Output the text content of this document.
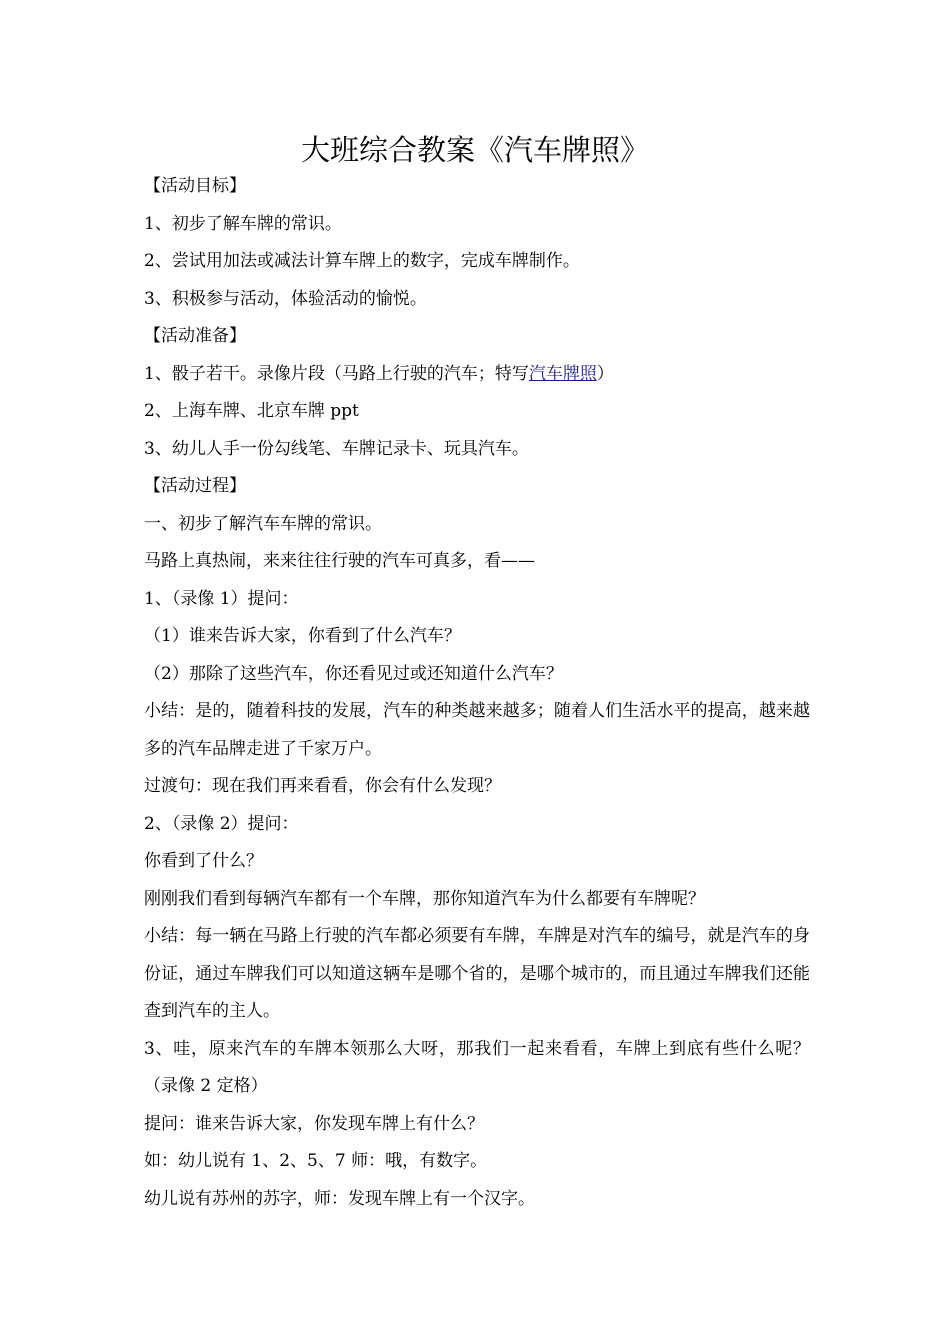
大班综合教案《汽车牌照》

【活动目标】

1、初步了解车牌的常识。

2、尝试用加法或减法计算车牌上的数字，完成车牌制作。

3、积极参与活动，体验活动的愉悦。

【活动准备】

1、骰子若干。录像片段（马路上行驶的汽车；特写汽车牌照）

2、上海车牌、北京车牌 ppt

3、幼儿人手一份勾线笔、车牌记录卡、玩具汽车。

【活动过程】

一、初步了解汽车车牌的常识。

马路上真热闹，来来往往行驶的汽车可真多，看——

1、（录像 1）提问：

（1）谁来告诉大家，你看到了什么汽车？

（2）那除了这些汽车，你还看见过或还知道什么汽车？

小结：是的，随着科技的发展，汽车的种类越来越多；随着人们生活水平的提高，越来越多的汽车品牌走进了千家万户。

过渡句：现在我们再来看看，你会有什么发现？

2、（录像 2）提问：

你看到了什么？

刚刚我们看到每辆汽车都有一个车牌，那你知道汽车为什么都要有车牌呢？

小结：每一辆在马路上行驶的汽车都必须要有车牌，车牌是对汽车的编号，就是汽车的身份证，通过车牌我们可以知道这辆车是哪个省的，是哪个城市的，而且通过车牌我们还能查到汽车的主人。

3、哇，原来汽车的车牌本领那么大呀，那我们一起来看看，车牌上到底有些什么呢？（录像 2 定格）

提问：谁来告诉大家，你发现车牌上有什么？

如：幼儿说有 1、2、5、7 师：哦，有数字。

幼儿说有苏州的苏字，师：发现车牌上有一个汉字。
